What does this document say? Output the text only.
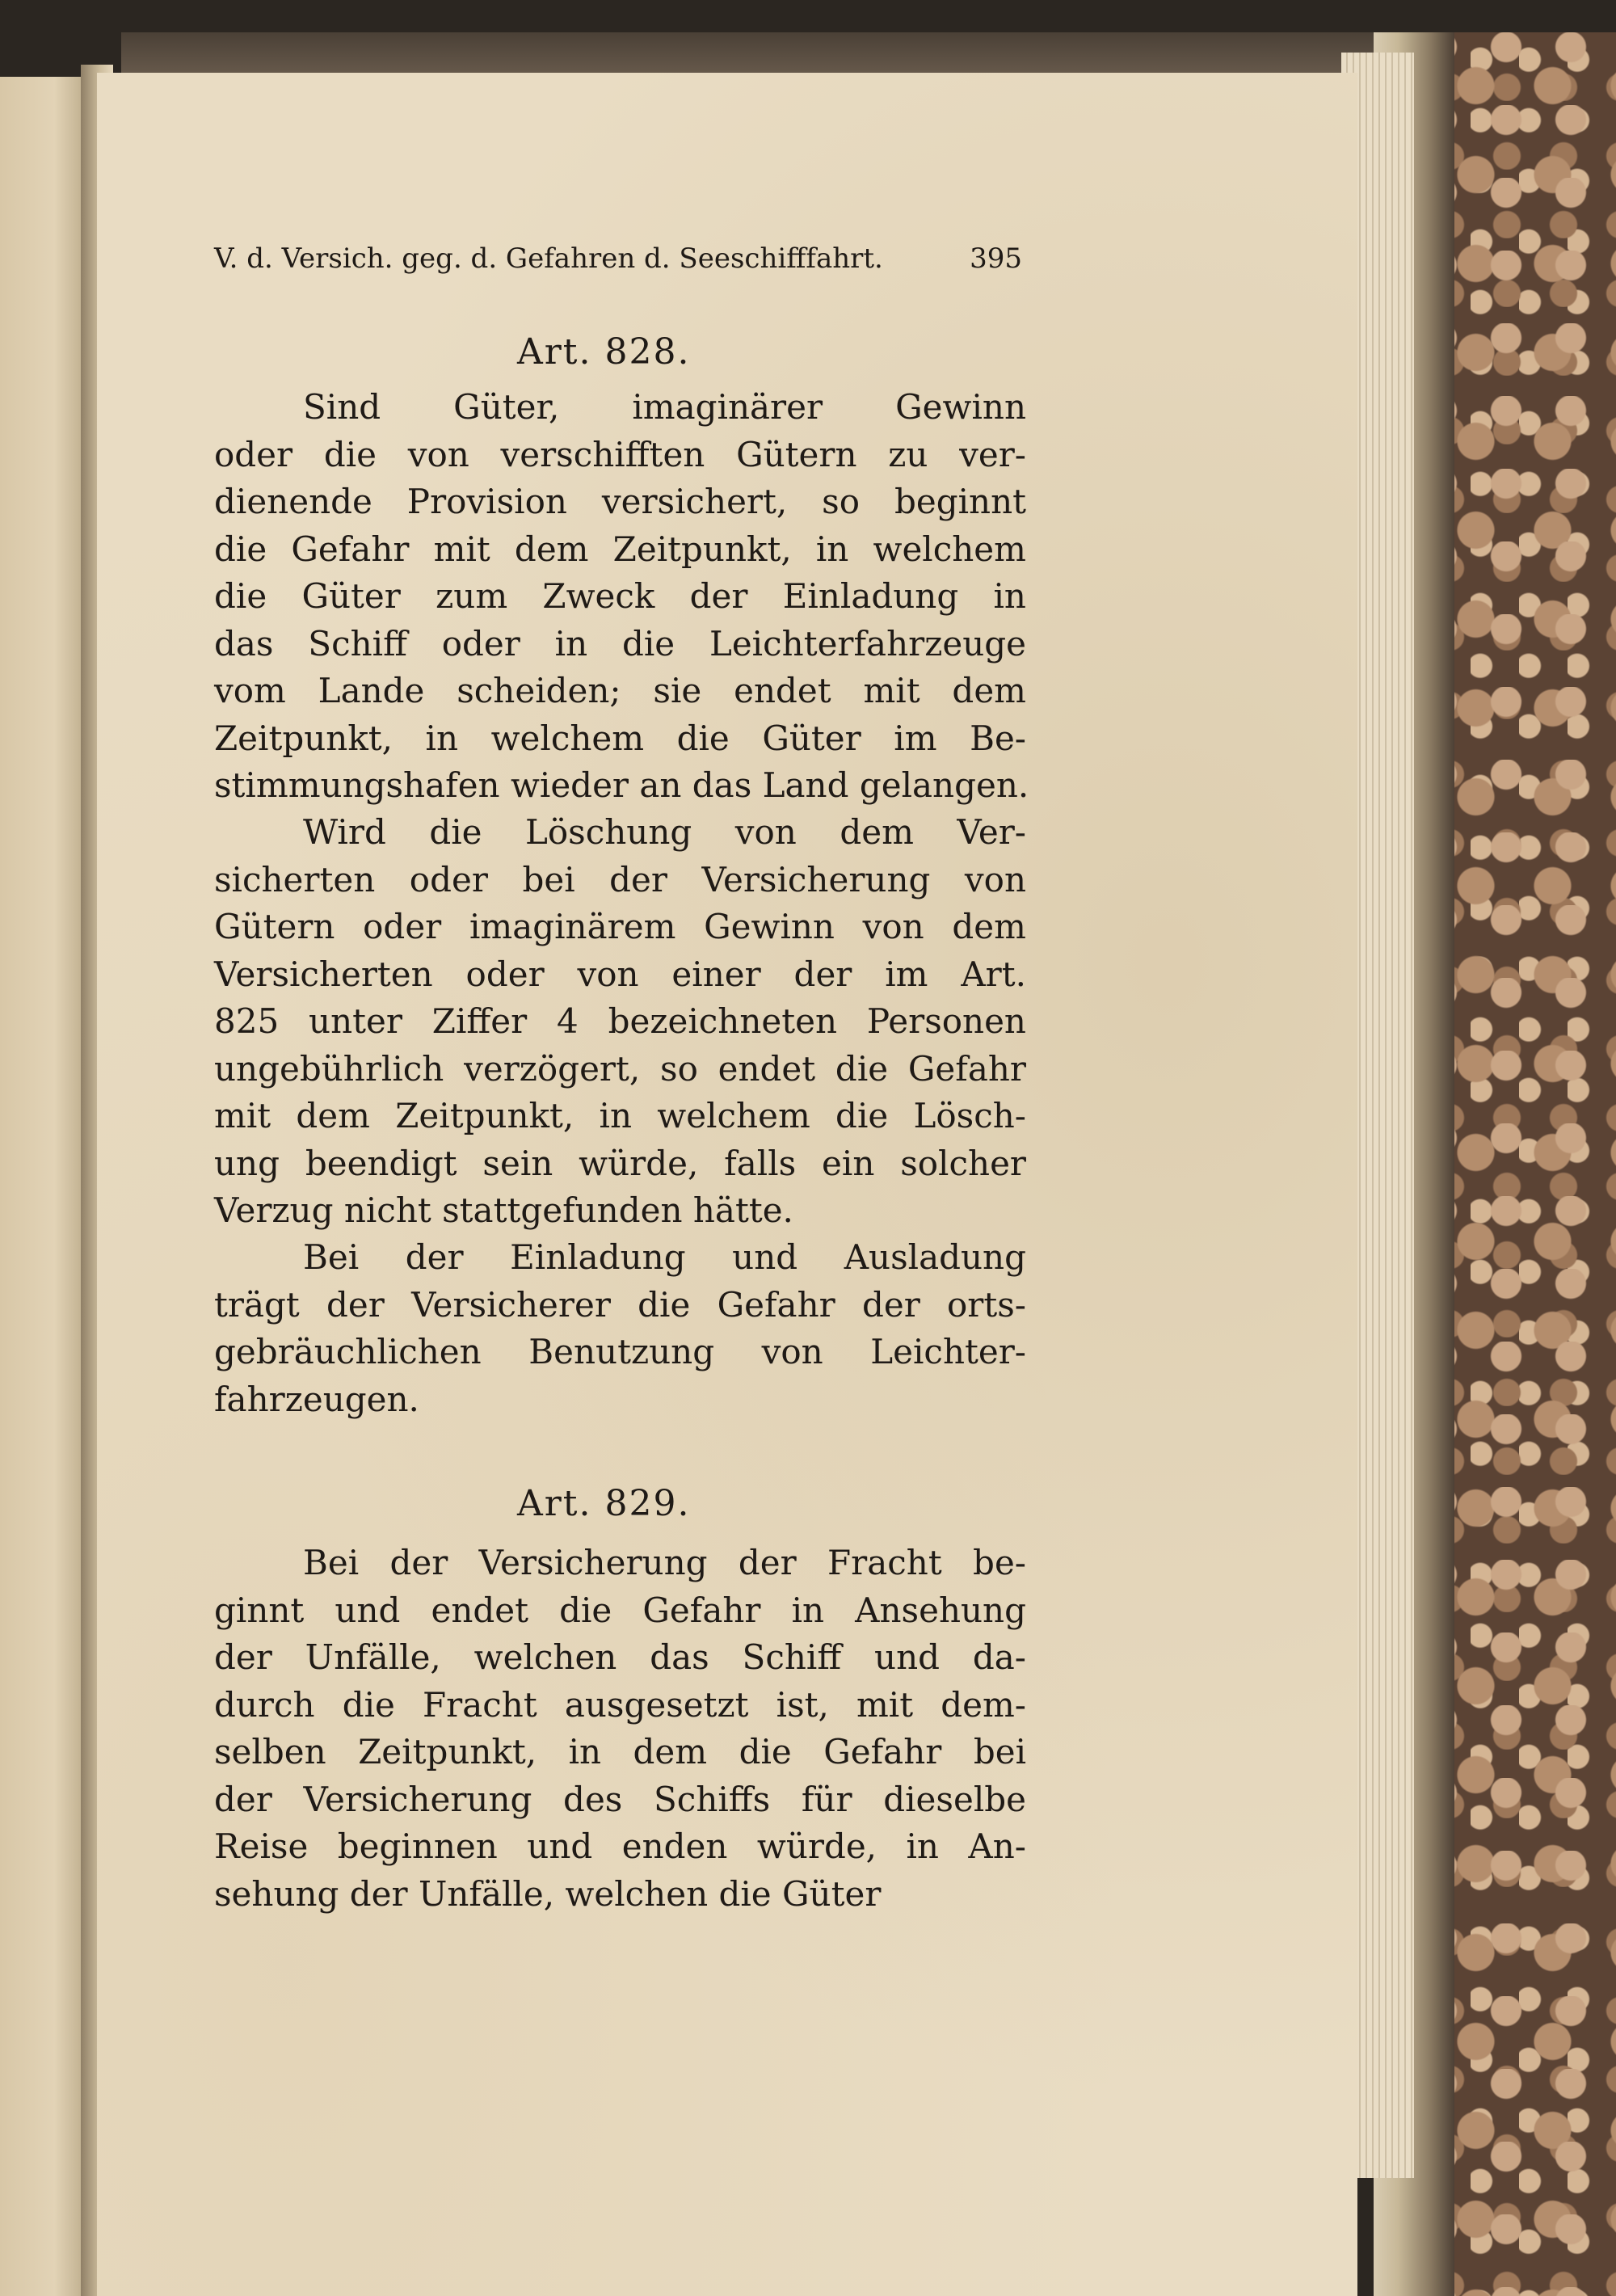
V. d. Versich. geg. d. Gefahren d. Seeschifffahrt.	395
Art. 828.
Sind Güter, imaginärer Gewinn
oder die von verschifften Gütern zu ver-
dienende Provision versichert, so beginnt
die Gefahr mit dem Zeitpunkt, in welchem
die Güter zum Zweck der Einladung in
das Schiff oder in die Leichterfahrzeuge
vom Lande scheiden; sie endet mit dem
Zeitpunkt, in welchem die Güter im Be-
stimmungshafen wieder an das Land gelangen.
Wird die Löschung von dem Ver-
sicherten oder bei der Versicherung von
Gütern oder imaginärem Gewinn von dem
Versicherten oder von einer der im Art.
825 unter Ziffer 4 bezeichneten Personen
ungebührlich verzögert, so endet die Gefahr
mit dem Zeitpunkt, in welchem die Lösch-
ung beendigt sein würde, falls ein solcher
Verzug nicht stattgefunden hätte.
Bei der Einladung und Ausladung
trägt der Versicherer die Gefahr der orts-
gebräuchlichen Benutzung von Leichter-
fahrzeugen.
Art. 829.
Bei der Versicherung der Fracht be-
ginnt und endet die Gefahr in Ansehung
der Unfälle, welchen das Schiff und da-
durch die Fracht ausgesetzt ist, mit dem-
selben Zeitpunkt, in dem die Gefahr bei
der Versicherung des Schiffs für dieselbe
Reise beginnen und enden würde, in An-
sehung der Unfälle, welchen die Güter
